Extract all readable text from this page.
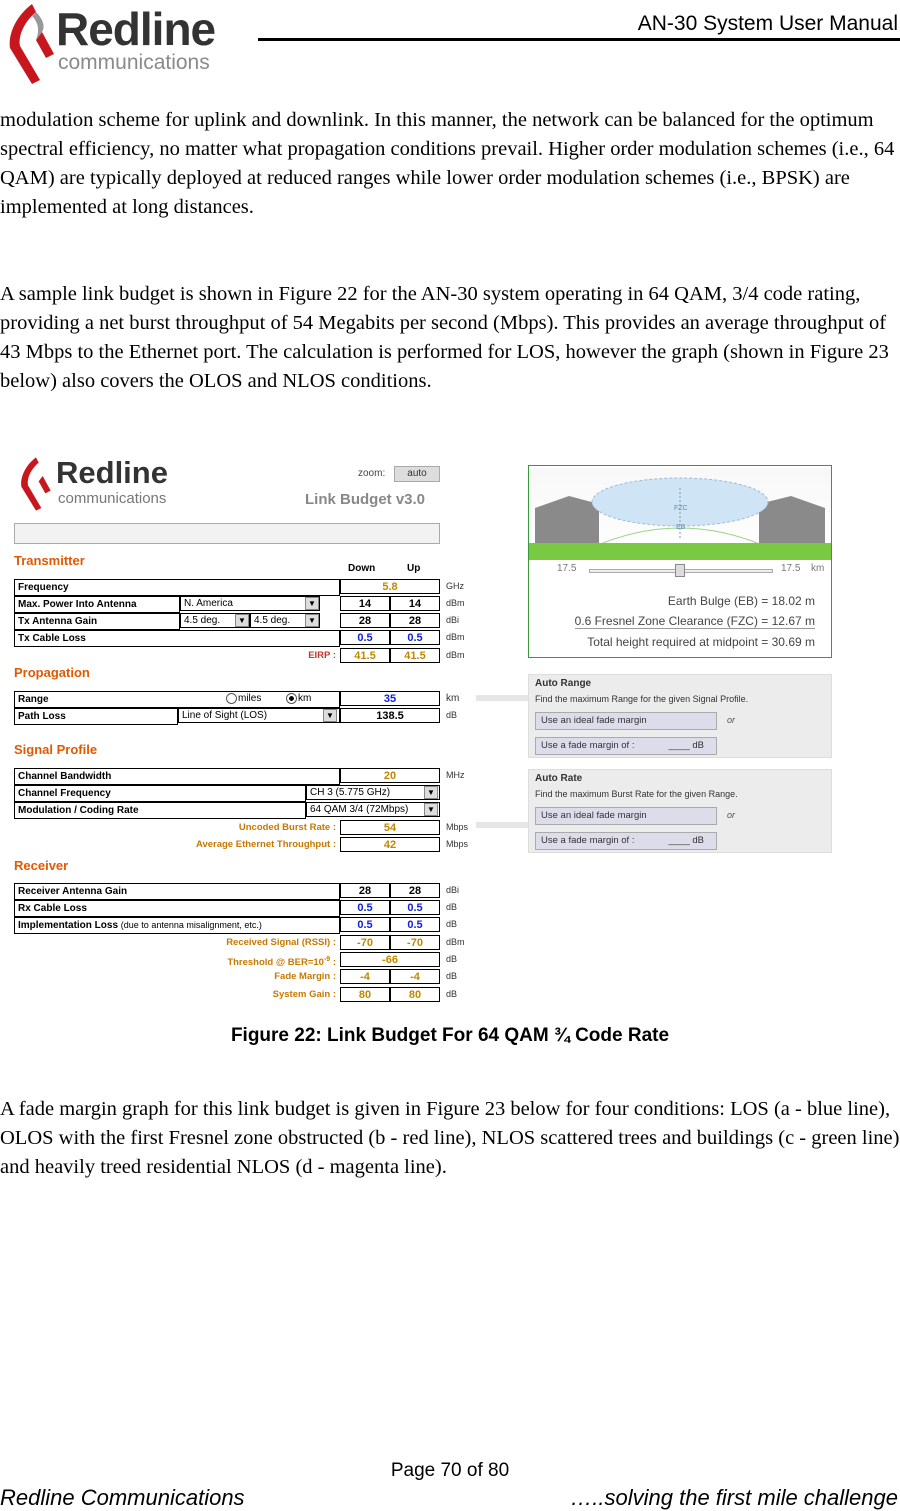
Redline
communications
AN-30 System User Manual
modulation scheme for uplink and downlink. In this manner, the network can be balanced for the optimum spectral efficiency, no matter what propagation conditions prevail. Higher order modulation schemes (i.e., 64 QAM) are typically deployed at reduced ranges while lower order modulation schemes (i.e., BPSK) are implemented at long distances.
A sample link budget is shown in Figure 22 for the AN-30 system operating in 64 QAM, 3/4 code rating, providing a net burst throughput of 54 Megabits per second (Mbps). This provides an average throughput of 43 Mbps to the Ethernet port. The calculation is performed for LOS, however the graph (shown in Figure 23 below) also covers the OLOS and NLOS conditions.
Redline
communications
zoom:	auto
Link Budget v3.0
Transmitter
Down	Up
Frequency	5.8	GHz
Max. Power Into Antenna	N. America	▼	14	14	dBm
Tx Antenna Gain	4.5 deg.	▼ 4.5 deg.	▼	28	28	dBi
Tx Cable Loss	0.5	0.5	dBm
EIRP :	41.5	41.5	dBm
Propagation
Range	miles	km	35	km
Path Loss	Line of Sight (LOS)	▼	138.5	dB
Signal Profile
Channel Bandwidth	20	MHz
Channel Frequency	CH 3 (5.775 GHz)	▼
Modulation / Coding Rate	64 QAM 3/4 (72Mbps)	▼
Uncoded Burst Rate :	54	Mbps
Average Ethernet Throughput :	42	Mbps
Receiver
Receiver Antenna Gain	28	28	dBi
Rx Cable Loss	0.5	0.5	dB
Implementation Loss (due to antenna misalignment, etc.)	0.5	0.5	dB
Received Signal (RSSI) :	-70	-70	dBm
Threshold @ $BER=10^{-9}$ :	-66	dB
Fade Margin :	-4	-4	dB
System Gain :	80	80	dB
FZC
EB
17.5	17.5 km
Earth Bulge (EB) = 18.02 m
0.6 Fresnel Zone Clearance (FZC) = 12.67 m
Total height required at midpoint = 30.69 m
Auto Range
Find the maximum Range for the given Signal Profile.
Use an ideal fade margin	or
Use a fade margin of :	____ dB
Auto Rate
Find the maximum Burst Rate for the given Range.
Use an ideal fade margin	or
Use a fade margin of :	____ dB
Figure 22: Link Budget For 64 QAM ¾ Code Rate
A fade margin graph for this link budget is given in Figure 23 below for four conditions: LOS (a - blue line), OLOS with the first Fresnel zone obstructed (b - red line), NLOS scattered trees and buildings (c - green line) and heavily treed residential NLOS (d - magenta line).
Page 70 of 80
Redline Communications	…..solving the first mile challenge
